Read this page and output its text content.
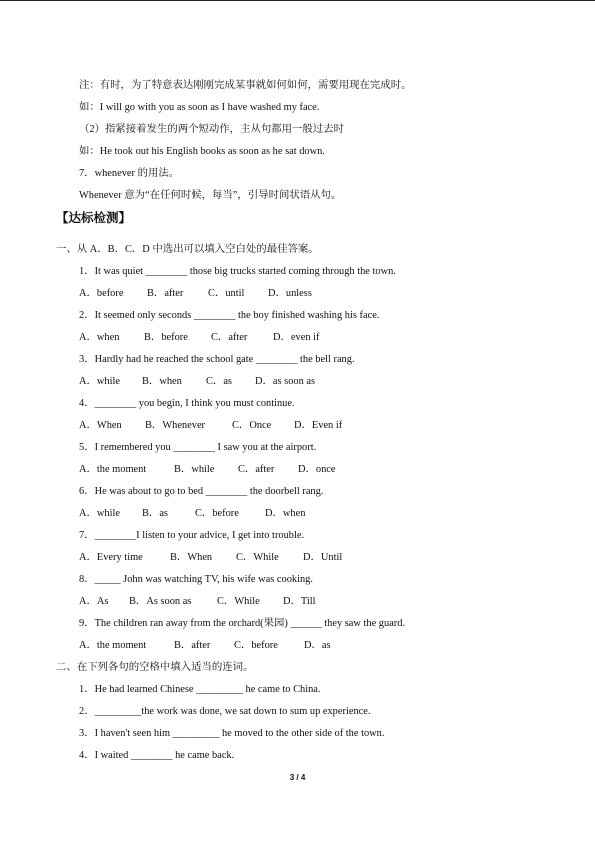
注：有时，为了特意表达刚刚完成某事就如何如何，需要用现在完成时。
如：I will go with you as soon as I have washed my face.
（2）指紧接着发生的两个短动作，主从句都用一般过去时
如：He took out his English books as soon as he sat down.
7．whenever 的用法。
Whenever 意为“在任何时候，每当”，引导时间状语从句。
【达标检测】
一、从 A．B．C．D 中选出可以填入空白处的最佳答案。
1．It was quiet ________ those big trucks started coming through the town.
A．before B．after C．until D．unless
2．It seemed only seconds ________ the boy finished washing his face.
A．when B．before C．after D．even if
3．Hardly had he reached the school gate ________ the bell rang.
A．while B．when C．as D．as soon as
4．________ you begin, I think you must continue.
A．When B．Whenever	C．Once D．Even if
5．I remembered you ________ I saw you at the airport.
A．the moment	B．while C．after D．once
6．He was about to go to bed ________ the doorbell rang.
A．while B．as	C．before	D．when
7．________I listen to your advice, I get into trouble.
A．Every time	B．When C．While D．Until
8．_____ John was watching TV, his wife was cooking.
A．As B．As soon as C．While D．Till
9．The children ran away from the orchard(果园) ______ they saw the guard.
A．the moment	B．after C．before	D．as
二、在下列各句的空格中填入适当的连词。
1．He had learned Chinese _________ he came to China.
2．_________the work was done, we sat down to sum up experience.
3．I haven't seen him _________ he moved to the other side of the town.
4．I waited ________ he came back.
3 / 4
